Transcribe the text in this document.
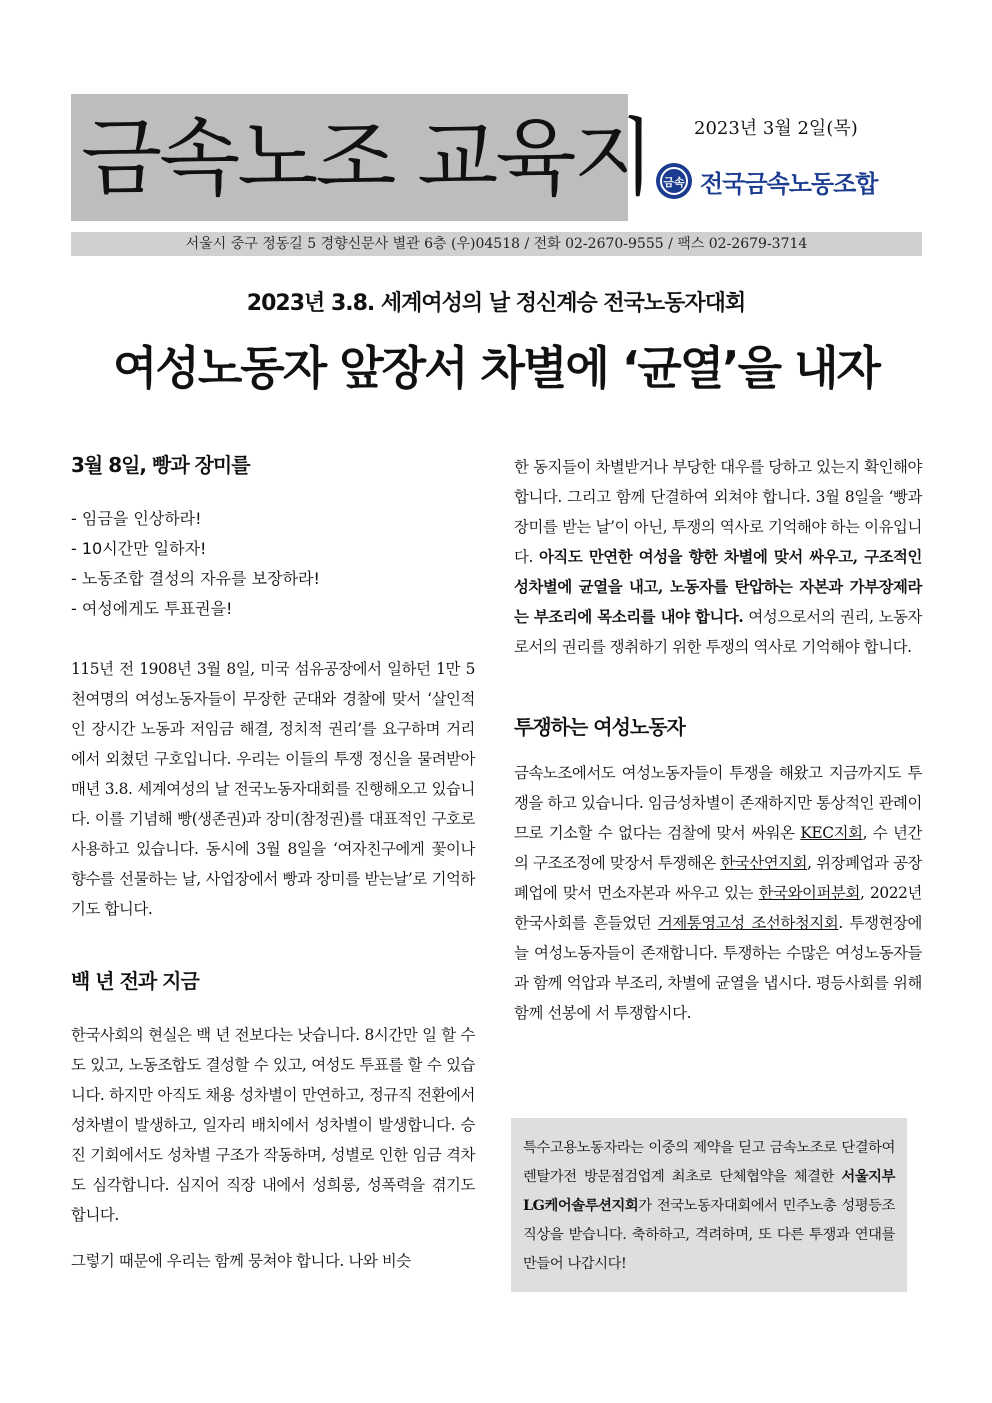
금속노조 교육지 2023년 3월 2일(목)
금속 전국금속노동조합
서울시 중구 정동길 5 경향신문사 별관 6층 (우)04518 / 전화 02-2670-9555 / 팩스 02-2679-3714
2023년 3.8. 세계여성의 날 정신계승 전국노동자대회
여성노동자 앞장서 차별에 ‘균열’을 내자
3월 8일, 빵과 장미를
- 임금을 인상하라!
- 10시간만 일하자!
- 노동조합 결성의 자유를 보장하라!
- 여성에게도 투표권을!

115년 전 1908년 3월 8일, 미국 섬유공장에서 일하던 1만 5천여명의 여성노동자들이 무장한 군대와 경찰에 맞서 ‘살인적인 장시간 노동과 저임금 해결, 정치적 권리’를 요구하며 거리에서 외쳤던 구호입니다. 우리는 이들의 투쟁 정신을 물려받아 매년 3.8. 세계여성의 날 전국노동자대회를 진행해오고 있습니다. 이를 기념해 빵(생존권)과 장미(참정권)를 대표적인 구호로 사용하고 있습니다. 동시에 3월 8일을 ‘여자친구에게 꽃이나 향수를 선물하는 날, 사업장에서 빵과 장미를 받는날’로 기억하기도 합니다.

백 년 전과 지금

한국사회의 현실은 백 년 전보다는 낫습니다. 8시간만 일 할 수도 있고, 노동조합도 결성할 수 있고, 여성도 투표를 할 수 있습니다. 하지만 아직도 채용 성차별이 만연하고, 정규직 전환에서 성차별이 발생하고, 일자리 배치에서 성차별이 발생합니다. 승진 기회에서도 성차별 구조가 작동하며, 성별로 인한 임금 격차도 심각합니다. 심지어 직장 내에서 성희롱, 성폭력을 겪기도 합니다.

그렇기 때문에 우리는 함께 뭉쳐야 합니다. 나와 비슷

한 동지들이 차별받거나 부당한 대우를 당하고 있는지 확인해야 합니다. 그리고 함께 단결하여 외쳐야 합니다. 3월 8일을 ‘빵과 장미를 받는 날’이 아닌, 투쟁의 역사로 기억해야 하는 이유입니다. 아직도 만연한 여성을 향한 차별에 맞서 싸우고, 구조적인 성차별에 균열을 내고, 노동자를 탄압하는 자본과 가부장제라는 부조리에 목소리를 내야 합니다. 여성으로서의 권리, 노동자로서의 권리를 쟁취하기 위한 투쟁의 역사로 기억해야 합니다.

투쟁하는 여성노동자

금속노조에서도 여성노동자들이 투쟁을 해왔고 지금까지도 투쟁을 하고 있습니다. 임금성차별이 존재하지만 통상적인 관례이므로 기소할 수 없다는 검찰에 맞서 싸워온 KEC지회, 수 년간의 구조조정에 맞장서 투쟁해온 한국산연지회, 위장폐업과 공장폐업에 맞서 먼소자본과 싸우고 있는 한국와이퍼분회, 2022년 한국사회를 흔들었던 거제통영고성 조선하청지회. 투쟁현장에 늘 여성노동자들이 존재합니다. 투쟁하는 수많은 여성노동자들과 함께 억압과 부조리, 차별에 균열을 냅시다. 평등사회를 위해 함께 선봉에 서 투쟁합시다.

특수고용노동자라는 이중의 제약을 딛고 금속노조로 단결하여 렌탈가전 방문점검업계 최초로 단체협약을 체결한 서울지부 LG케어솔루션지회가 전국노동자대회에서 민주노총 성평등조직상을 받습니다. 축하하고, 격려하며, 또 다른 투쟁과 연대를 만들어 나갑시다!
